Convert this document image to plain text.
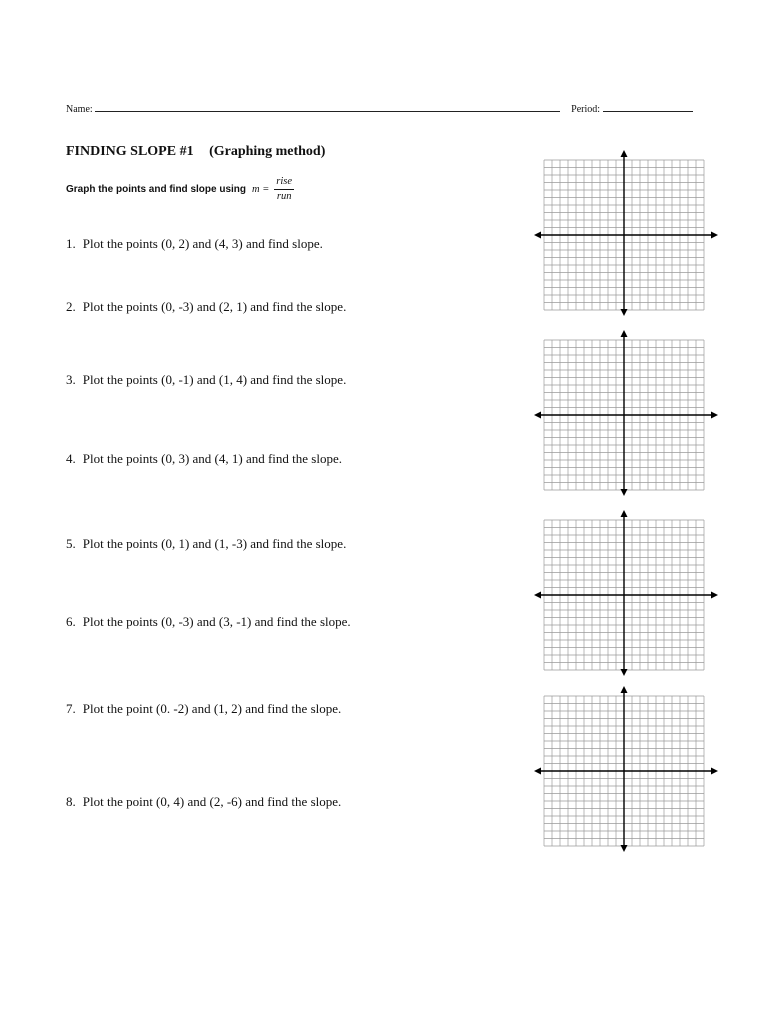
Name:	Period:
FINDING SLOPE #1 (Graphing method)
Graph the points and find slope using $m = \frac{\text{rise}}{\text{run}}$
1. Plot the points (0, 2) and (4, 3) and find slope.
2. Plot the points (0, -3) and (2, 1) and find the slope.
3. Plot the points (0, -1) and (1, 4) and find the slope.
4. Plot the points (0, 3) and (4, 1) and find the slope.
5. Plot the points (0, 1) and (1, -3) and find the slope.
6. Plot the points (0, -3) and (3, -1) and find the slope.
7. Plot the point (0. -2) and (1, 2) and find the slope.
8. Plot the point (0, 4) and (2, -6) and find the slope.
